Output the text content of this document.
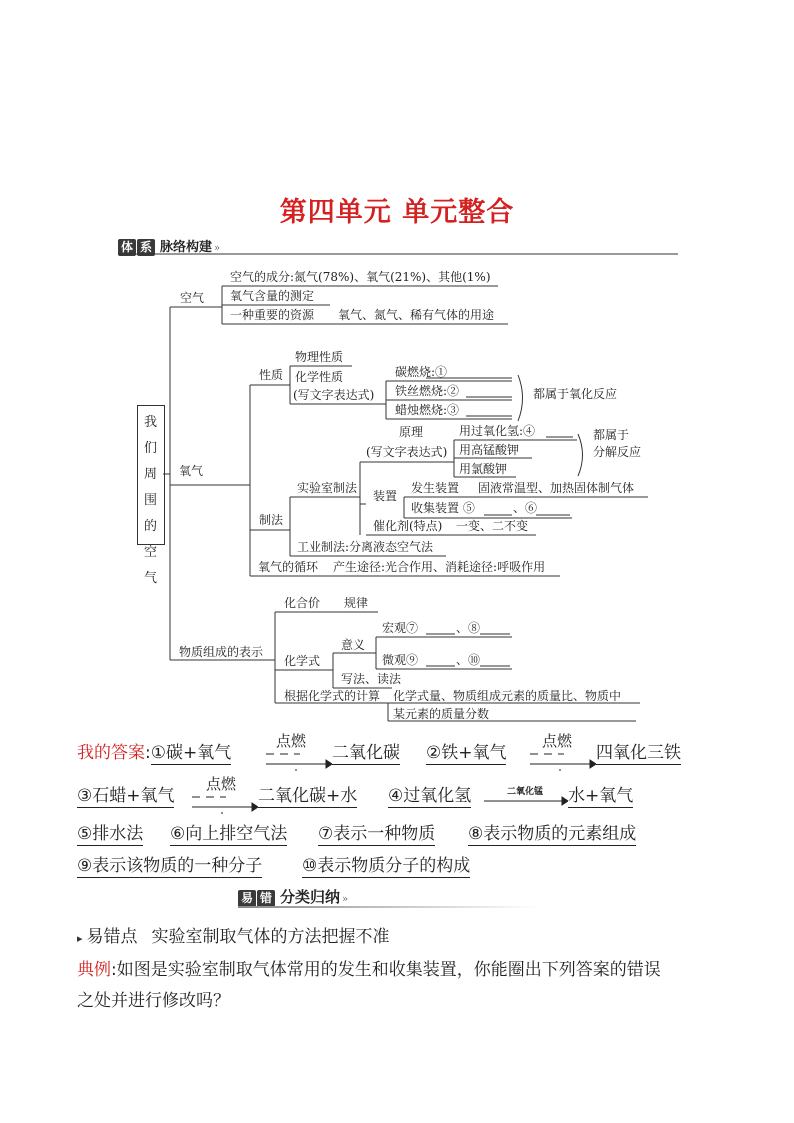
第四单元 单元整合
体 系 脉络构建 »
我
们
周
围
的
空
气
空气
空气的成分:氮气(78%)、氧气(21%)、其他(1%)
氧气含量的测定
一种重要的资源 氧气、氮气、稀有气体的用途
氧气
性质
物理性质
化学性质
(写文字表达式)
碳燃烧:①
铁丝燃烧:②
蜡烛燃烧:③
都属于氧化反应
制法
实验室制法
原理
(写文字表达式)
用过氧化氢:④
用高锰酸钾
用氯酸钾
都属于
分解反应
装置
发生装置 固液常温型、加热固体制气体
收集装置 ⑤	、⑥
催化剂(特点) 一变、二不变
工业制法:分离液态空气法
氧气的循环 产生途径:光合作用、消耗途径:呼吸作用
物质组成的表示
化合价 规律
化学式
意义
宏观⑦	、⑧
微观⑨	、⑩
写法、读法
根据化学式的计算 化学式量、物质组成元素的质量比、物质中
某元素的质量分数
我的答案:①碳+氧气
点燃
二氧化碳 ②铁+氧气
点燃
四氧化三铁
③石蜡+氧气
点燃
二氧化碳+水 ④过氧化氢	二氧化锰	水+氧气
⑤排水法 ⑥向上排空气法 ⑦表示一种物质 ⑧表示物质的元素组成
⑨表示该物质的一种分子 ⑩表示物质分子的构成
易 错 分类归纳 »
▸ 易错点 实验室制取气体的方法把握不准
典例:如图是实验室制取气体常用的发生和收集装置，你能圈出下列答案的错误
之处并进行修改吗？
